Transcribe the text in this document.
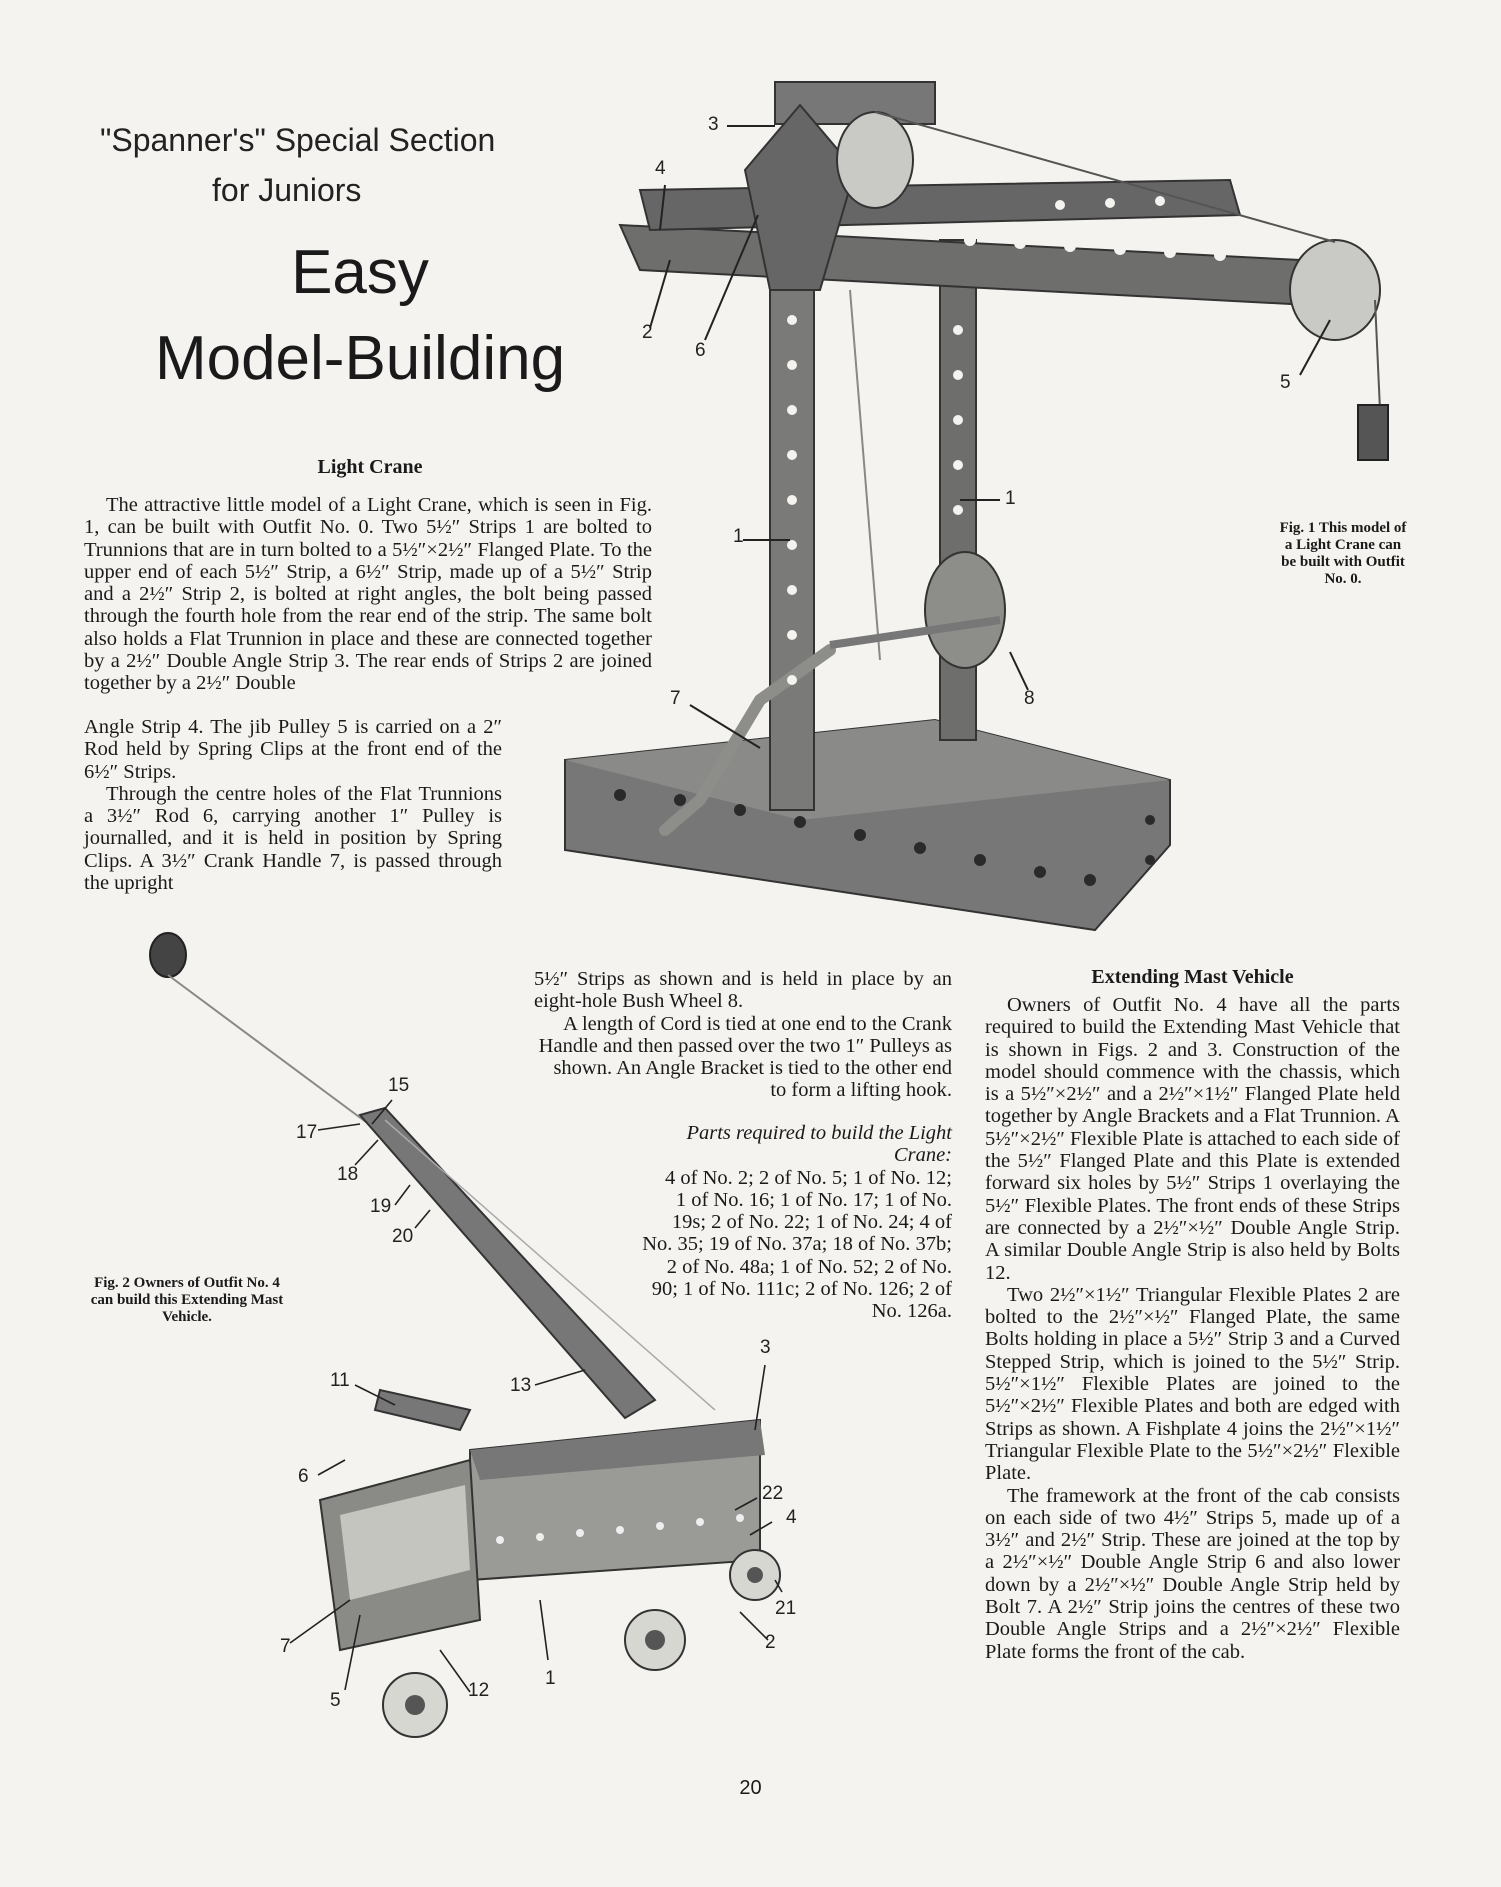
"Spanner's" Special Section
for Juniors
Easy
Model-Building
3
4
2
6
5
1
1
7	8
Fig. 1 This model of a Light Crane can be built with Outfit No. 0.
Light Crane

The attractive little model of a Light Crane, which is seen in Fig. 1, can be built with Outfit No. 0. Two 5½″ Strips 1 are bolted to Trunnions that are in turn bolted to a 5½″×2½″ Flanged Plate. To the upper end of each 5½″ Strip, a 6½″ Strip, made up of a 5½″ Strip and a 2½″ Strip 2, is bolted at right angles, the bolt being passed through the fourth hole from the rear end of the strip. The same bolt also holds a Flat Trunnion in place and these are connected together by a 2½″ Double Angle Strip 3. The rear ends of Strips 2 are joined together by a 2½″ Double

Angle Strip 4. The jib Pulley 5 is carried on a 2″ Rod held by Spring Clips at the front end of the 6½″ Strips.

Through the centre holes of the Flat Trunnions a 3½″ Rod 6, carrying another 1″ Pulley is journalled, and it is held in position by Spring Clips. A 3½″ Crank Handle 7, is passed through the upright

5½″ Strips as shown and is held in place by an eight-hole Bush Wheel 8.

A length of Cord is tied at one end to the Crank Handle and then passed over the two 1″ Pulleys as shown. An Angle Bracket is tied to the other end to form a lifting hook.

Parts required to build the Light Crane:

4 of No. 2; 2 of No. 5; 1 of No. 12; 1 of No. 16; 1 of No. 17; 1 of No. 19s; 2 of No. 22; 1 of No. 24; 4 of No. 35; 19 of No. 37a; 18 of No. 37b; 2 of No. 48a; 1 of No. 52; 2 of No. 90; 1 of No. 111c; 2 of No. 126; 2 of No. 126a.

15
17
18
19
20
11	13
3
6
22
4
21
2
7
5	12
1
Fig. 2 Owners of Outfit No. 4 can build this Extending Mast Vehicle.
Extending Mast Vehicle

Owners of Outfit No. 4 have all the parts required to build the Extending Mast Vehicle that is shown in Figs. 2 and 3. Construction of the model should commence with the chassis, which is a 5½″×2½″ and a 2½″×1½″ Flanged Plate held together by Angle Brackets and a Flat Trunnion. A 5½″×2½″ Flexible Plate is attached to each side of the 5½″ Flanged Plate and this Plate is extended forward six holes by 5½″ Strips 1 overlaying the 5½″ Flexible Plates. The front ends of these Strips are connected by a 2½″×½″ Double Angle Strip. A similar Double Angle Strip is also held by Bolts 12.

Two 2½″×1½″ Triangular Flexible Plates 2 are bolted to the 2½″×½″ Flanged Plate, the same Bolts holding in place a 5½″ Strip 3 and a Curved Stepped Strip, which is joined to the 5½″ Strip. 5½″×1½″ Flexible Plates are joined to the 5½″×2½″ Flexible Plates and both are edged with Strips as shown. A Fishplate 4 joins the 2½″×1½″ Triangular Flexible Plate to the 5½″×2½″ Flexible Plate.

The framework at the front of the cab consists on each side of two 4½″ Strips 5, made up of a 3½″ and 2½″ Strip. These are joined at the top by a 2½″×½″ Double Angle Strip 6 and also lower down by a 2½″×½″ Double Angle Strip held by Bolt 7. A 2½″ Strip joins the centres of these two Double Angle Strips and a 2½″×2½″ Flexible Plate forms the front of the cab.

20
